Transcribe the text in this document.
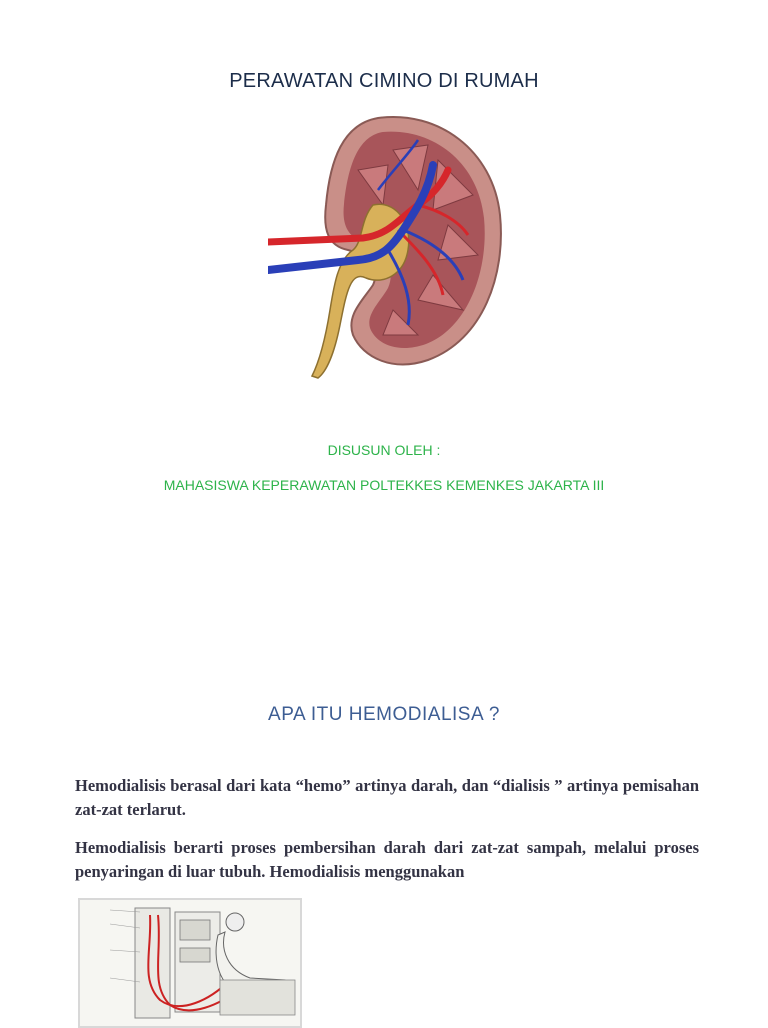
PERAWATAN CIMINO DI RUMAH
DISUSUN OLEH :
MAHASISWA KEPERAWATAN POLTEKKES KEMENKES JAKARTA III
APA ITU HEMODIALISA ?

Hemodialisis berasal dari kata “hemo” artinya darah, dan “dialisis ” artinya pemisahan zat-zat terlarut.

Hemodialisis berarti proses pembersihan darah dari zat-zat sampah, melalui proses penyaringan di luar tubuh. Hemodialisis menggunakan
